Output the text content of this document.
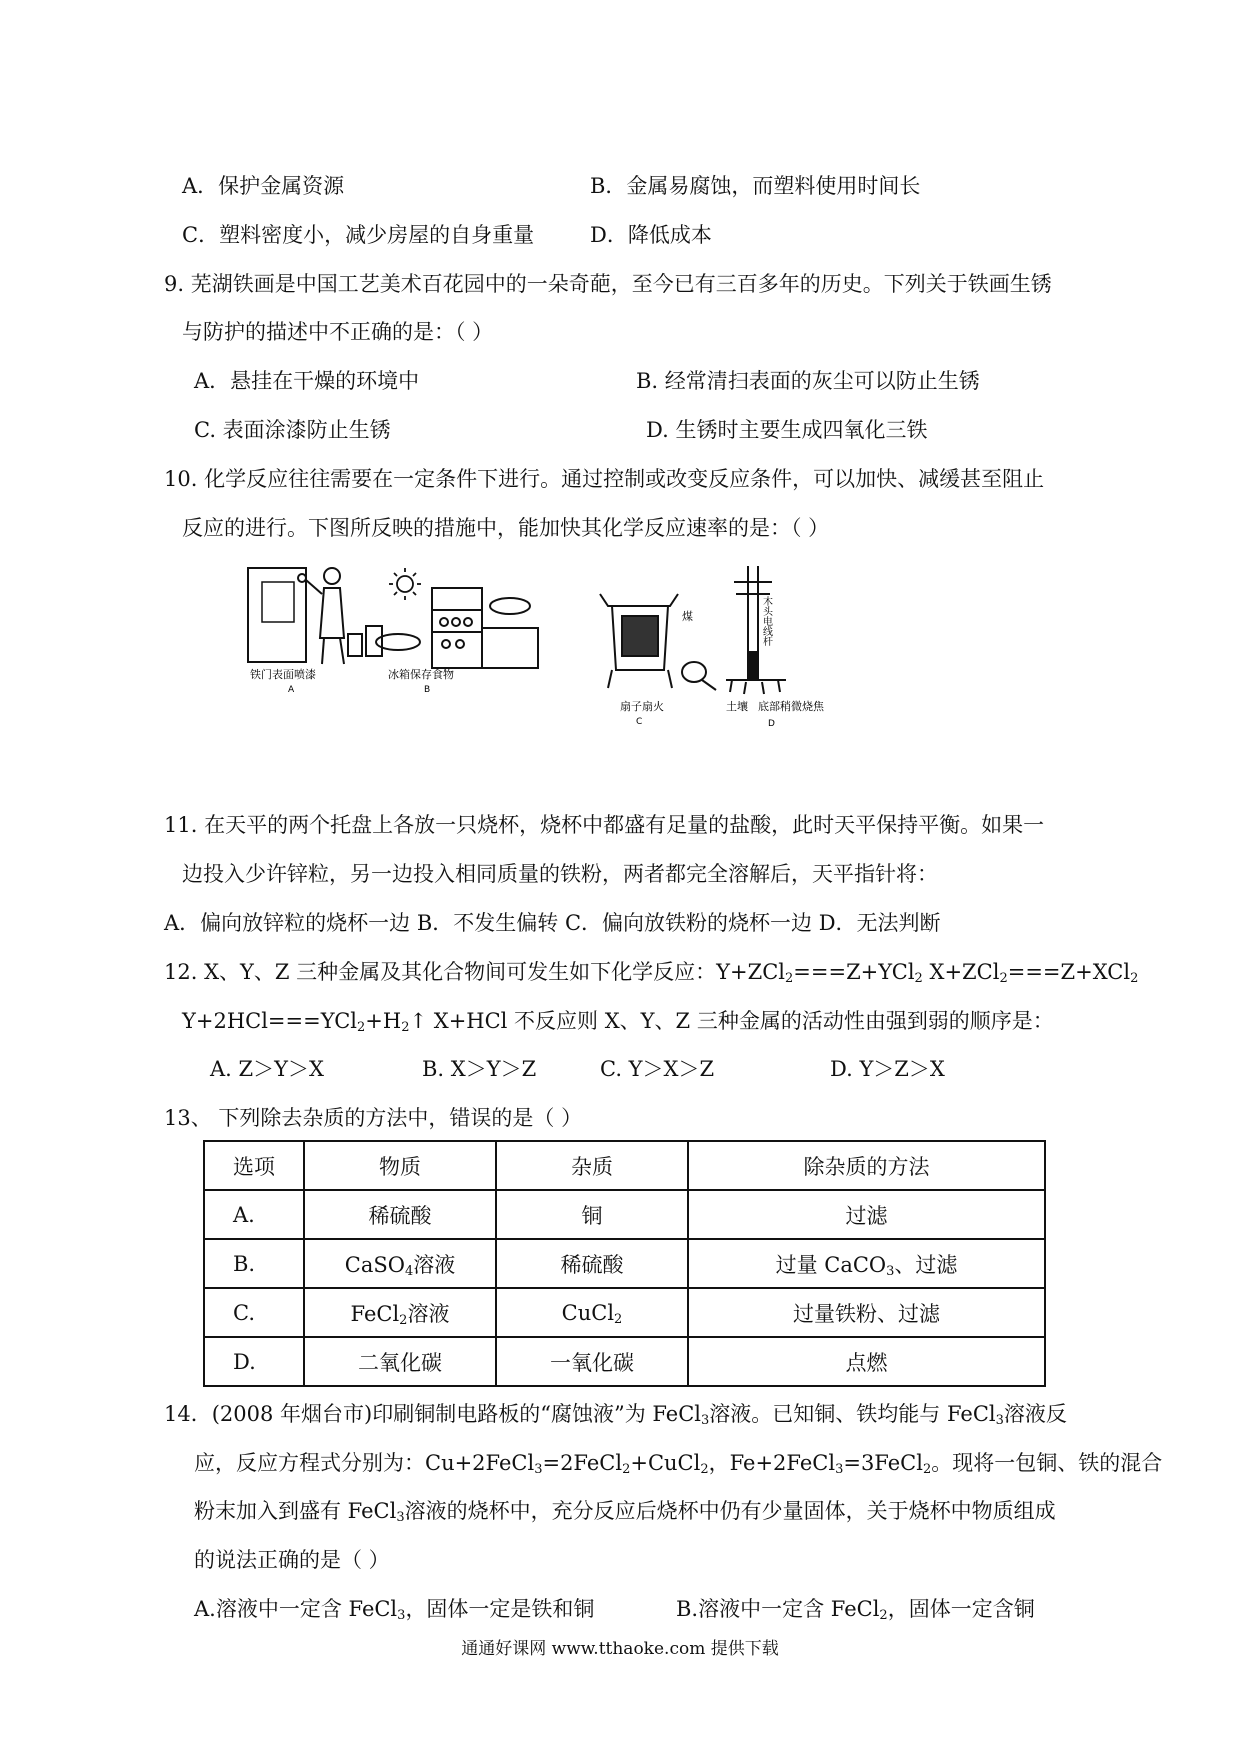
A．保护金属资源	B．金属易腐蚀，而塑料使用时间长
C．塑料密度小，减少房屋的自身重量	D．降低成本
9. 芜湖铁画是中国工艺美术百花园中的一朵奇葩，至今已有三百多年的历史。下列关于铁画生锈
与防护的描述中不正确的是：（ ）
A．悬挂在干燥的环境中	B. 经常清扫表面的灰尘可以防止生锈
C. 表面涂漆防止生锈	D. 生锈时主要生成四氧化三铁
10. 化学反应往往需要在一定条件下进行。通过控制或改变反应条件，可以加快、减缓甚至阻止
反应的进行。下图所反映的措施中，能加快其化学反应速率的是：（ ）
铁门表面喷漆
A
冰箱保存食物
B
煤
扇子扇火
C
木头电线杆
土壤 底部稍微烧焦
D
11. 在天平的两个托盘上各放一只烧杯，烧杯中都盛有足量的盐酸，此时天平保持平衡。如果一
边投入少许锌粒，另一边投入相同质量的铁粉，两者都完全溶解后，天平指针将：
A．偏向放锌粒的烧杯一边 B．不发生偏转 C．偏向放铁粉的烧杯一边 D．无法判断
12. X、Y、Z 三种金属及其化合物间可发生如下化学反应：Y+ZCl$_2$===Z+YCl$_2$ X+ZCl$_2$===Z+XCl$_2$
$Y+2HCl===YCl_2+H_2↑$ X+HCl 不反应则 X、Y、Z 三种金属的活动性由强到弱的顺序是：
A. Z＞Y＞X	B. X＞Y＞Z	C. Y＞X＞Z	D. Y＞Z＞X
13、 下列除去杂质的方法中，错误的是（ ）
选项	物质	杂质	除杂质的方法
A.	稀硫酸	铜	过滤
B.	CaSO$_4$溶液	稀硫酸	过量 CaCO$_3$、过滤
C.	FeCl$_2$溶液	CuCl$_2$	过量铁粉、过滤
D.	二氧化碳	一氧化碳	点燃
14．(2008 年烟台市)印刷铜制电路板的“腐蚀液”为 FeCl$_3$溶液。已知铜、铁均能与 FeCl$_3$溶液反
应，反应方程式分别为：Cu+2FeCl$_3$=2FeCl$_2$+CuCl$_2$，Fe+2FeCl$_3$=3FeCl$_2$。现将一包铜、铁的混合
粉末加入到盛有 FeCl$_3$溶液的烧杯中，充分反应后烧杯中仍有少量固体，关于烧杯中物质组成
的说法正确的是（ ）
A.溶液中一定含 FeCl$_3$，固体一定是铁和铜	B.溶液中一定含 FeCl$_2$，固体一定含铜
通通好课网 www.tthaoke.com 提供下载
